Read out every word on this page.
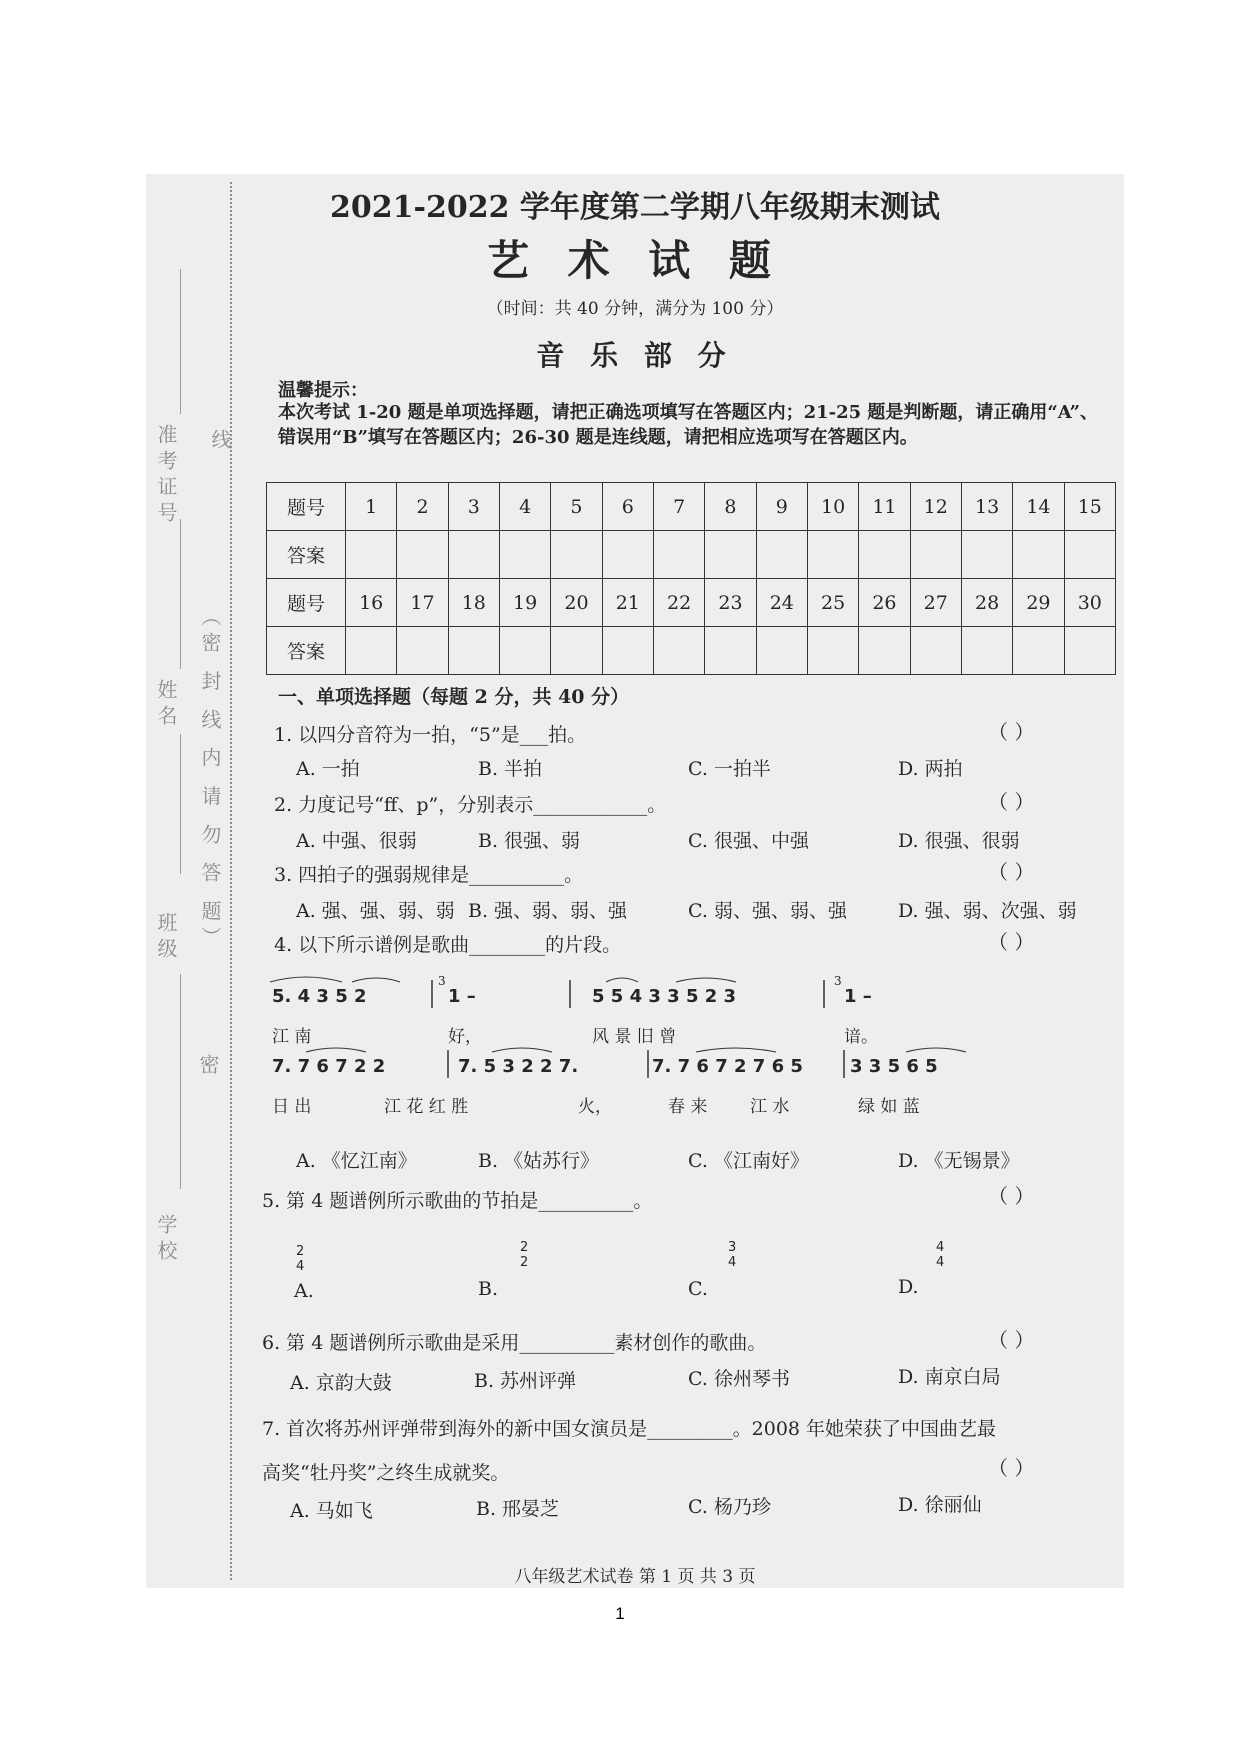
准考证号
姓名
班级
学校
（密 封 线 内 请 勿 答 题）
线
密
2021-2022 学年度第二学期八年级期末测试
艺 术 试 题
（时间：共 40 分钟，满分为 100 分）
音 乐 部 分
温馨提示：
本次考试 1-20 题是单项选择题，请把正确选项填写在答题区内；21-25 题是判断题，请正确用“A”、错误用“B”填写在答题区内；26-30 题是连线题，请把相应选项写在答题区内。
题号	1	2	3	4	5	6	7	8	9	10	11	12	13	14	15
答案															
题号	16	17	18	19	20	21	22	23	24	25	26	27	28	29	30
答案															
一、单项选择题（每题 2 分，共 40 分）
1. 以四分音符为一拍，“5”是___拍。	（ ）
A. 一拍	B. 半拍	C. 一拍半	D. 两拍
2. 力度记号“ff、p”，分别表示____________。	（ ）
A. 中强、很弱	B. 很强、弱	C. 很强、中强	D. 很强、很弱
3. 四拍子的强弱规律是__________。	（ ）
A. 强、强、弱、弱 B. 强、弱、弱、强	C. 弱、强、弱、强	D. 强、弱、次强、弱
4. 以下所示谱例是歌曲________的片段。	（ ）
5. 4 3 5 2
3
1 –	5 5 4 3 3 5 2 3
3
1 –
江 南	好，	风 景 旧 曾	谙。
7. 7 6 7 2 2	7. 5 3 2 2 7.	7. 7 6 7 2 7 6 5	3 3 5 6 5
日 出	江 花 红 胜	火，	春 来	江 水	绿 如 蓝
A. 《忆江南》	B. 《姑苏行》	C. 《江南好》	D. 《无锡景》
5. 第 4 题谱例所示歌曲的节拍是__________。	（ ）
2
4
2
2
3
4
4
4
A.	B.	C.	D.
6. 第 4 题谱例所示歌曲是采用__________素材创作的歌曲。	（ ）
A. 京韵大鼓	B. 苏州评弹	C. 徐州琴书	D. 南京白局
7. 首次将苏州评弹带到海外的新中国女演员是_________。2008 年她荣获了中国曲艺最
高奖“牡丹奖”之终生成就奖。	（ ）
A. 马如飞	B. 邢晏芝	C. 杨乃珍	D. 徐丽仙
八年级艺术试卷 第 1 页 共 3 页
1
